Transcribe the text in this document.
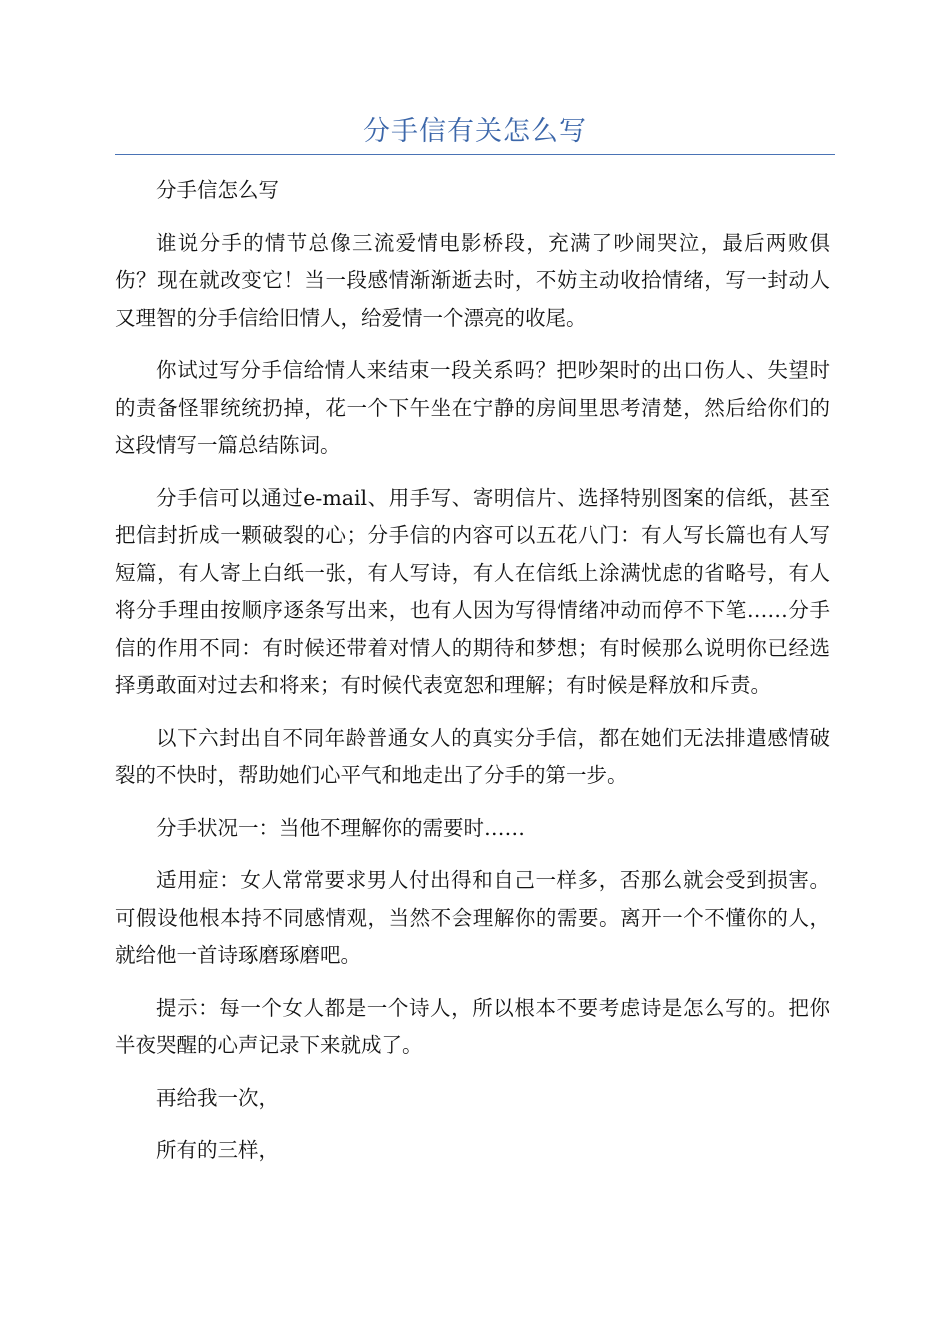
分手信有关怎么写

分手信怎么写

谁说分手的情节总像三流爱情电影桥段，充满了吵闹哭泣，最后两败俱伤？现在就改变它！当一段感情渐渐逝去时，不妨主动收拾情绪，写一封动人又理智的分手信给旧情人，给爱情一个漂亮的收尾。

你试过写分手信给情人来结束一段关系吗？把吵架时的出口伤人、失望时的责备怪罪统统扔掉，花一个下午坐在宁静的房间里思考清楚，然后给你们的这段情写一篇总结陈词。

分手信可以通过e-mail、用手写、寄明信片、选择特别图案的信纸，甚至把信封折成一颗破裂的心；分手信的内容可以五花八门：有人写长篇也有人写短篇，有人寄上白纸一张，有人写诗，有人在信纸上涂满忧虑的省略号，有人将分手理由按顺序逐条写出来，也有人因为写得情绪冲动而停不下笔……分手信的作用不同：有时候还带着对情人的期待和梦想；有时候那么说明你已经选择勇敢面对过去和将来；有时候代表宽恕和理解；有时候是释放和斥责。

以下六封出自不同年龄普通女人的真实分手信，都在她们无法排遣感情破裂的不快时，帮助她们心平气和地走出了分手的第一步。

分手状况一：当他不理解你的需要时……

适用症：女人常常要求男人付出得和自己一样多，否那么就会受到损害。可假设他根本持不同感情观，当然不会理解你的需要。离开一个不懂你的人，就给他一首诗琢磨琢磨吧。

提示：每一个女人都是一个诗人，所以根本不要考虑诗是怎么写的。把你半夜哭醒的心声记录下来就成了。

再给我一次，

所有的三样，
